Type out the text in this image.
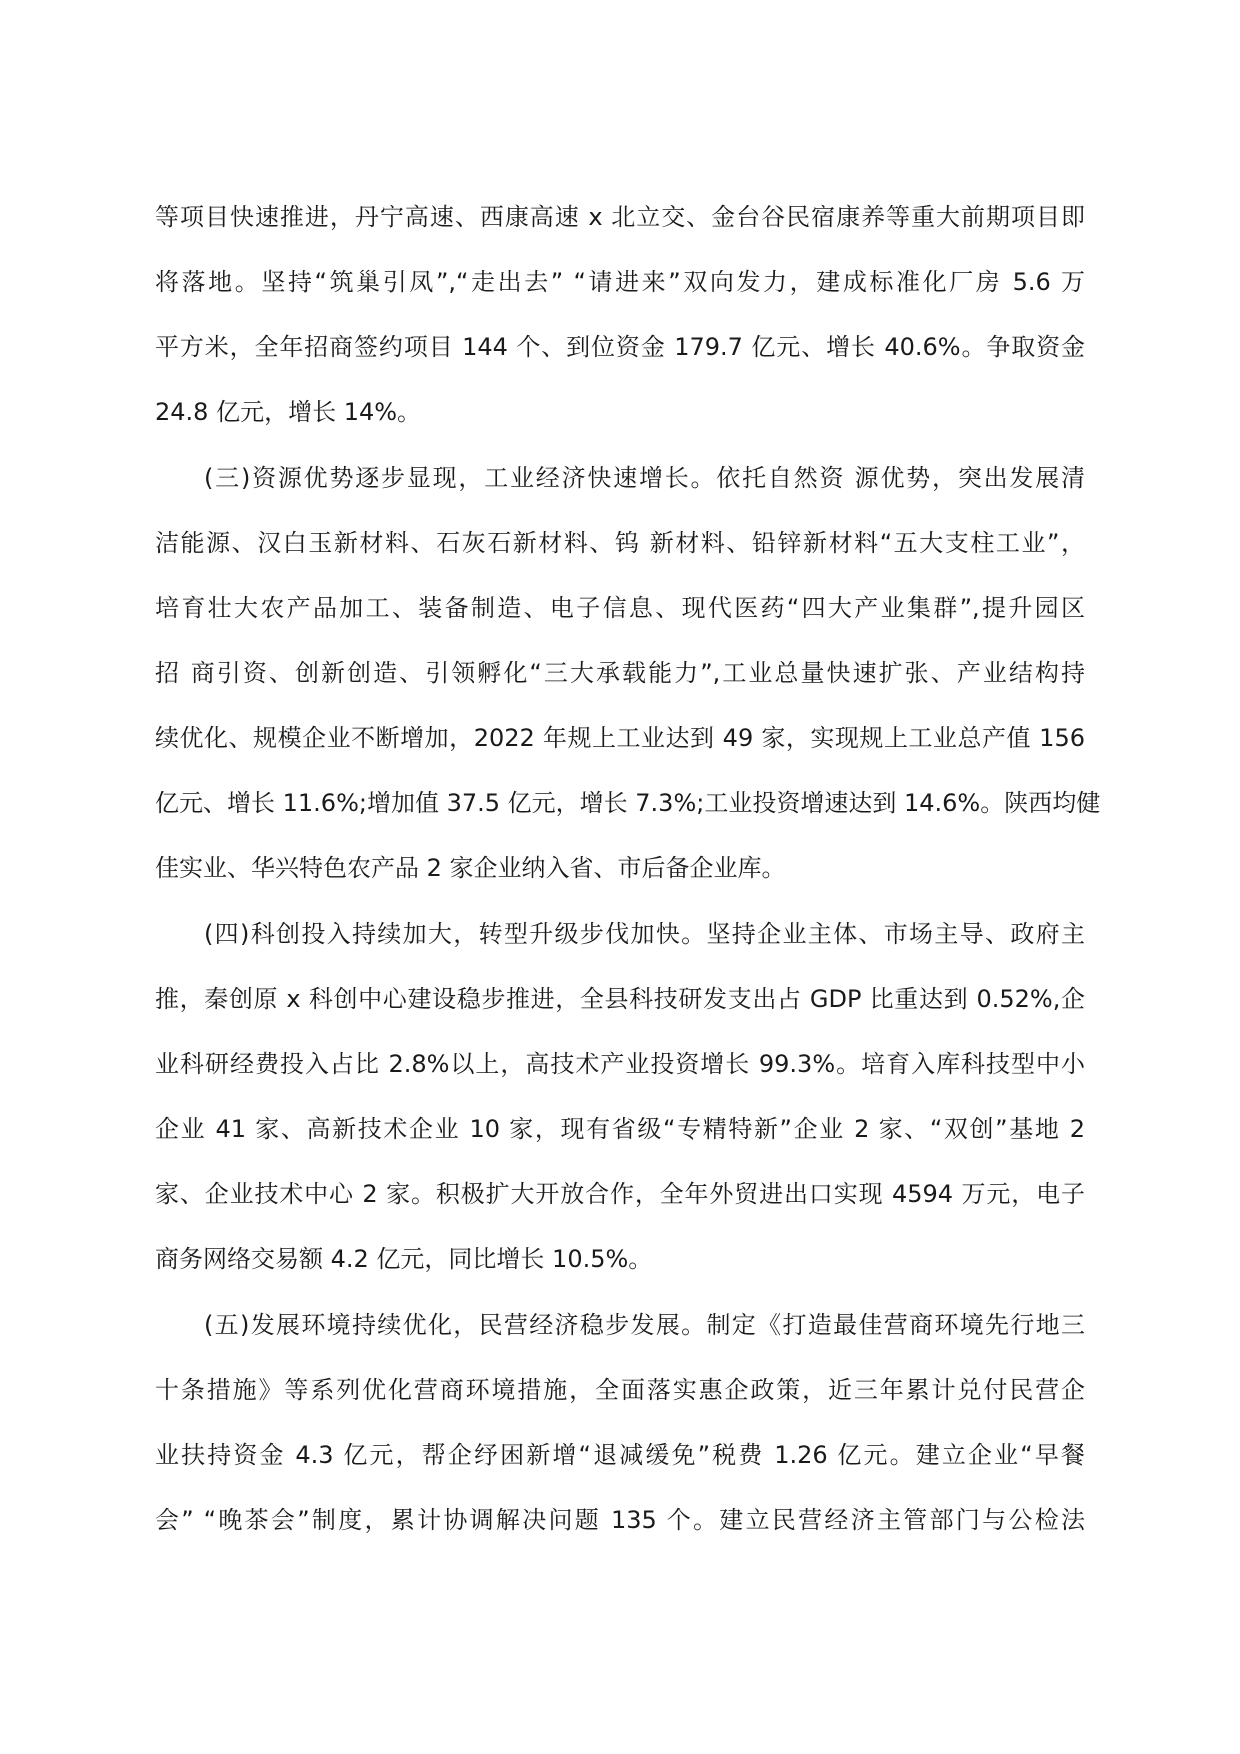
等项目快速推进，丹宁高速、西康高速 x 北立交、金台谷民宿康养等重大前期项目即
将落地。坚持“筑巢引凤”,“走出去” “请进来”双向发力，建成标准化厂房 5.6 万
平方米，全年招商签约项目 144 个、到位资金 179.7 亿元、增长 40.6%。争取资金
24.8 亿元，增长 14%。
(三)资源优势逐步显现，工业经济快速增长。依托自然资 源优势，突出发展清
洁能源、汉白玉新材料、石灰石新材料、钨 新材料、铅锌新材料“五大支柱工业”，
培育壮大农产品加工、装备制造、电子信息、现代医药“四大产业集群”,提升园区
招 商引资、创新创造、引领孵化“三大承载能力”,工业总量快速扩张、产业结构持
续优化、规模企业不断增加，2022 年规上工业达到 49 家，实现规上工业总产值 156
亿元、增长 11.6%;增加值 37.5 亿元，增长 7.3%;工业投资增速达到 14.6%。陕西均健
佳实业、华兴特色农产品 2 家企业纳入省、市后备企业库。
(四)科创投入持续加大，转型升级步伐加快。坚持企业主体、市场主导、政府主
推，秦创原 x 科创中心建设稳步推进，全县科技研发支出占 GDP 比重达到 0.52%,企
业科研经费投入占比 2.8%以上，高技术产业投资增长 99.3%。培育入库科技型中小
企业 41 家、高新技术企业 10 家，现有省级“专精特新”企业 2 家、“双创”基地 2
家、企业技术中心 2 家。积极扩大开放合作，全年外贸进出口实现 4594 万元，电子
商务网络交易额 4.2 亿元，同比增长 10.5%。
(五)发展环境持续优化，民营经济稳步发展。制定《打造最佳营商环境先行地三
十条措施》等系列优化营商环境措施，全面落实惠企政策，近三年累计兑付民营企
业扶持资金 4.3 亿元，帮企纾困新增“退减缓免”税费 1.26 亿元。建立企业“早餐
会” “晚茶会”制度，累计协调解决问题 135 个。建立民营经济主管部门与公检法
